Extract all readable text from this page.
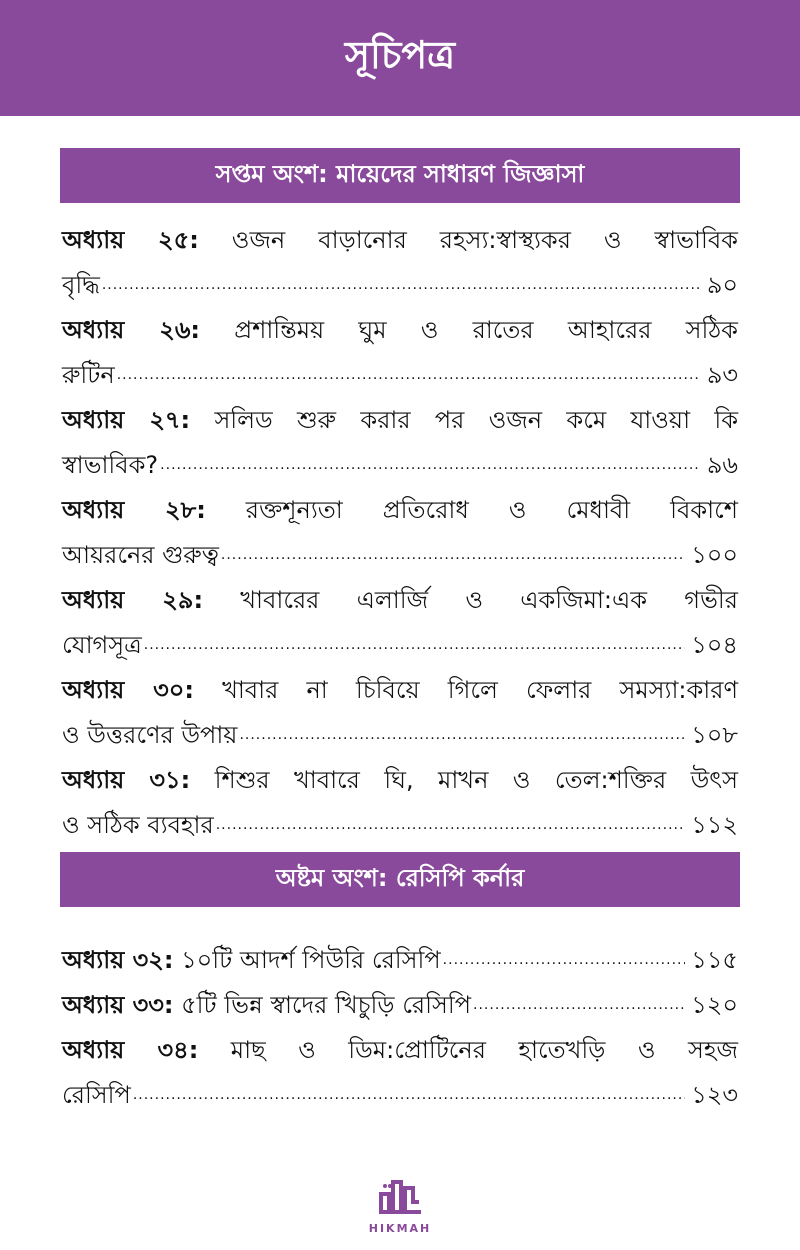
সূচিপত্র
সপ্তম অংশ: মায়েদের সাধারণ জিজ্ঞাসা
অধ্যায় ২৫: ওজন বাড়ানোর রহস্য:স্বাস্থ্যকর ও স্বাভাবিক
বৃদ্ধি .....	৯০
অধ্যায় ২৬: প্রশান্তিময় ঘুম ও রাতের আহারের সঠিক
রুটিন .....	৯৩
অধ্যায় ২৭: সলিড শুরু করার পর ওজন কমে যাওয়া কি
স্বাভাবিক? .....	৯৬
অধ্যায় ২৮: রক্তশূন্যতা প্রতিরোধ ও মেধাবী বিকাশে
আয়রনের গুরুত্ব .....	১০০
অধ্যায় ২৯: খাবারের এলার্জি ও একজিমা:এক গভীর
যোগসূত্র .....	১০৪
অধ্যায় ৩০: খাবার না চিবিয়ে গিলে ফেলার সমস্যা:কারণ
ও উত্তরণের উপায় .....	১০৮
অধ্যায় ৩১: শিশুর খাবারে ঘি, মাখন ও তেল:শক্তির উৎস
ও সঠিক ব্যবহার .....	১১২
অষ্টম অংশ: রেসিপি কর্নার
অধ্যায় ৩২:
১০টি আদর্শ পিউরি রেসিপি .....	১১৫
অধ্যায় ৩৩:
৫টি ভিন্ন স্বাদের খিচুড়ি রেসিপি .....	১২০
অধ্যায় ৩৪: মাছ ও ডিম:প্রোটিনের হাতেখড়ি ও সহজ
রেসিপি .....	১২৩
HIKMAH
